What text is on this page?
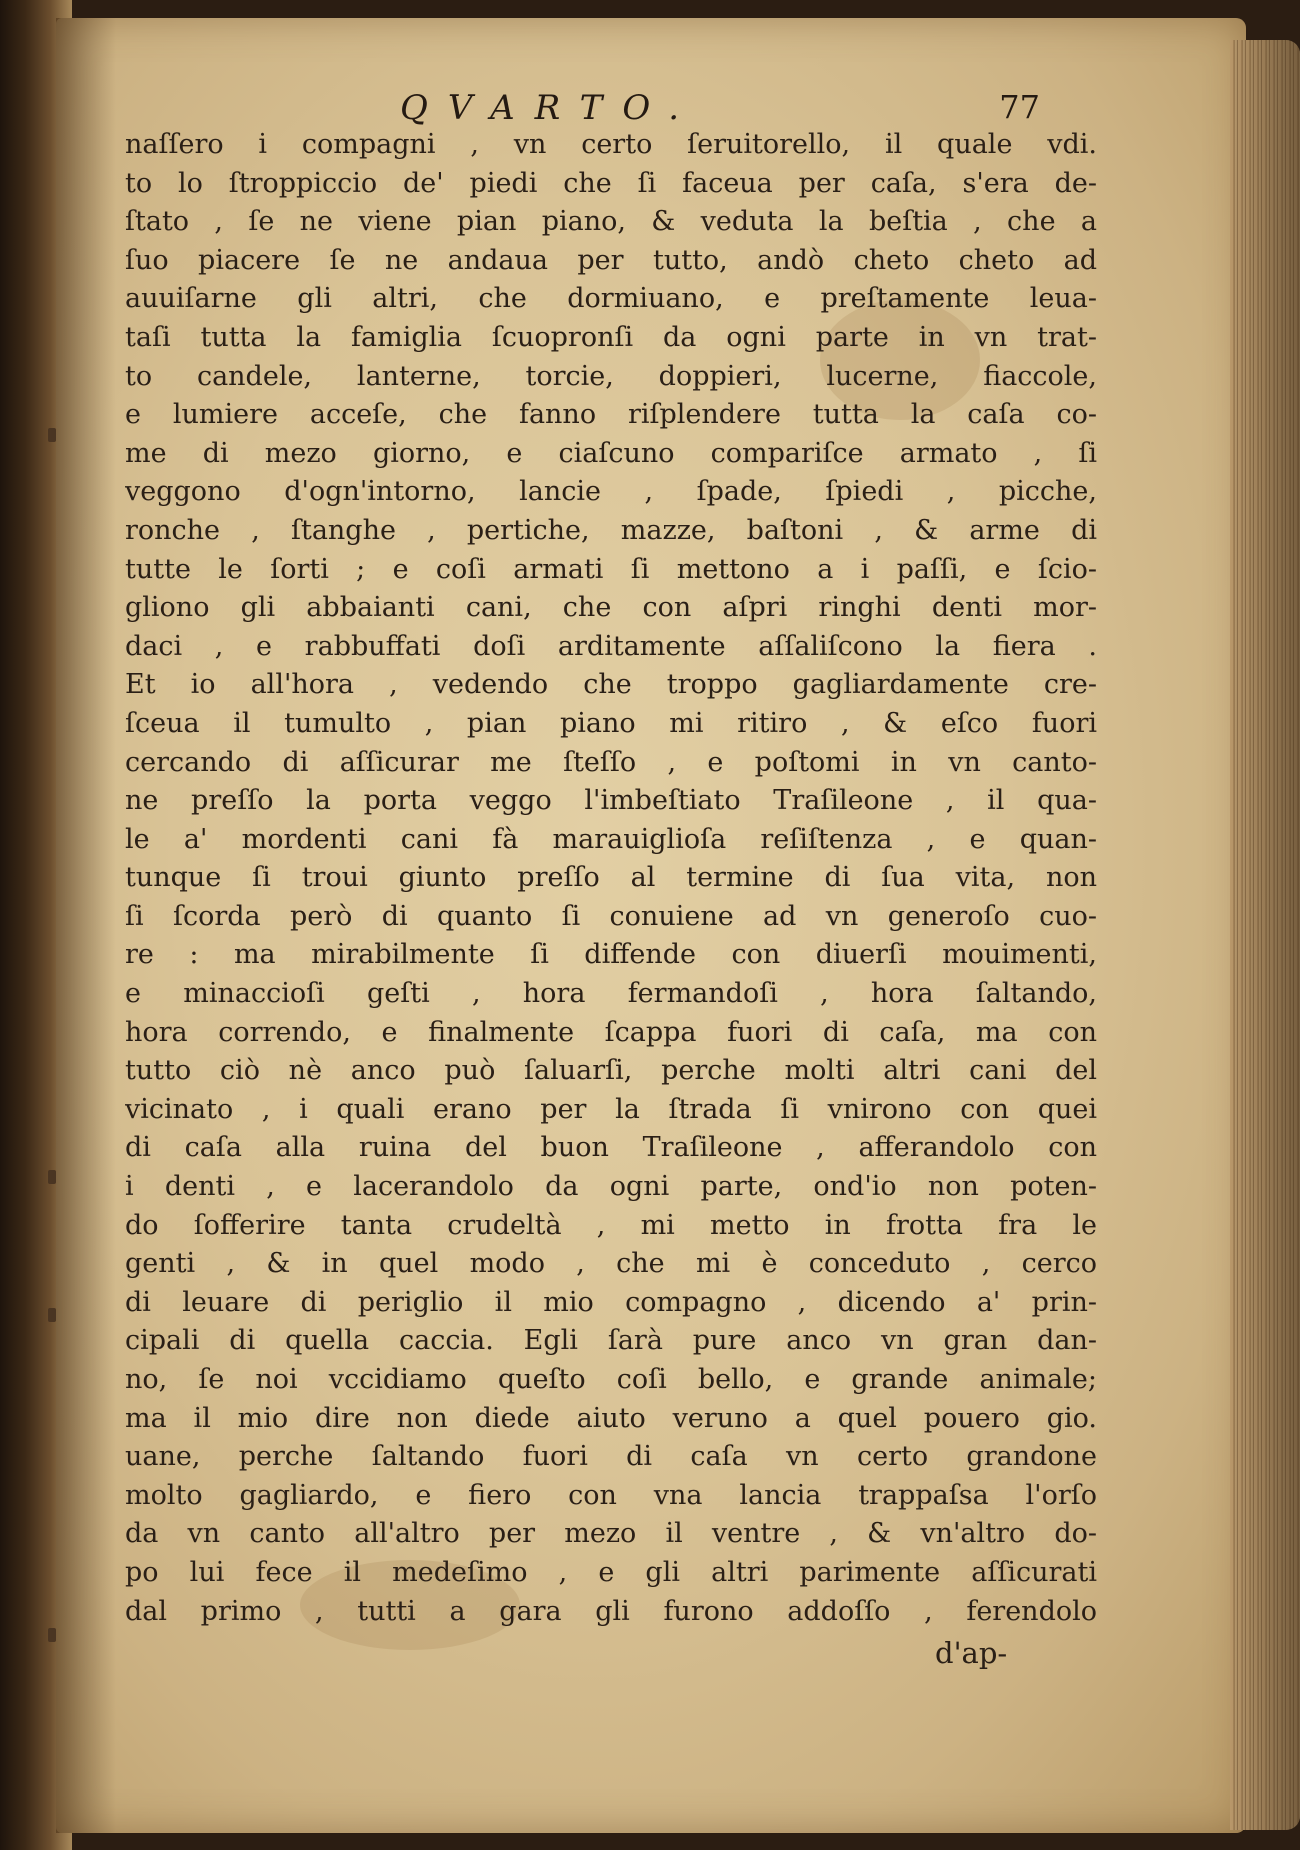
QVARTO.	77
naſſero i compagni , vn certo ſeruitorello, il quale vdi.
to lo ſtroppiccio de' piedi che ſi faceua per caſa, s'era de-
ſtato , ſe ne viene pian piano, & veduta la beſtia , che a
ſuo piacere ſe ne andaua per tutto, andò cheto cheto ad
auuiſarne gli altri, che dormiuano, e preſtamente leua-
taſi tutta la famiglia ſcuopronſi da ogni parte in vn trat-
to candele, lanterne, torcie, doppieri, lucerne, fiaccole,
e lumiere acceſe, che fanno riſplendere tutta la caſa co-
me di mezo giorno, e ciaſcuno compariſce armato , ſi
veggono d'ogn'intorno, lancie , ſpade, ſpiedi , picche,
ronche , ſtanghe , pertiche, mazze, baſtoni , & arme di
tutte le ſorti ; e coſi armati ſi mettono a i paſſi, e ſcio-
gliono gli abbaianti cani, che con aſpri ringhi denti mor-
daci , e rabbuffati doſi arditamente aſſaliſcono la fiera .
Et io all'hora , vedendo che troppo gagliardamente cre-
ſceua il tumulto , pian piano mi ritiro , & eſco fuori
cercando di aſſicurar me ſteſſo , e poſtomi in vn canto-
ne preſſo la porta veggo l'imbeſtiato Traſileone , il qua-
le a' mordenti cani fà marauiglioſa reſiſtenza , e quan-
tunque ſi troui giunto preſſo al termine di ſua vita, non
ſi ſcorda però di quanto ſi conuiene ad vn generoſo cuo-
re : ma mirabilmente ſi diffende con diuerſi mouimenti,
e minaccioſi geſti , hora fermandoſi , hora ſaltando,
hora correndo, e finalmente ſcappa fuori di caſa, ma con
tutto ciò nè anco può ſaluarſi, perche molti altri cani del
vicinato , i quali erano per la ſtrada ſi vnirono con quei
di caſa alla ruina del buon Traſileone , afferandolo con
i denti , e lacerandolo da ogni parte, ond'io non poten-
do ſofferire tanta crudeltà , mi metto in frotta fra le
genti , & in quel modo , che mi è conceduto , cerco
di leuare di periglio il mio compagno , dicendo a' prin-
cipali di quella caccia. Egli ſarà pure anco vn gran dan-
no, ſe noi vccidiamo queſto coſi bello, e grande animale;
ma il mio dire non diede aiuto veruno a quel pouero gio.
uane, perche ſaltando fuori di caſa vn certo grandone
molto gagliardo, e fiero con vna lancia trappaſsa l'orſo
da vn canto all'altro per mezo il ventre , & vn'altro do-
po lui fece il medeſimo , e gli altri parimente aſſicurati
dal primo , tutti a gara gli furono addoſſo , ferendolo
d'ap-
